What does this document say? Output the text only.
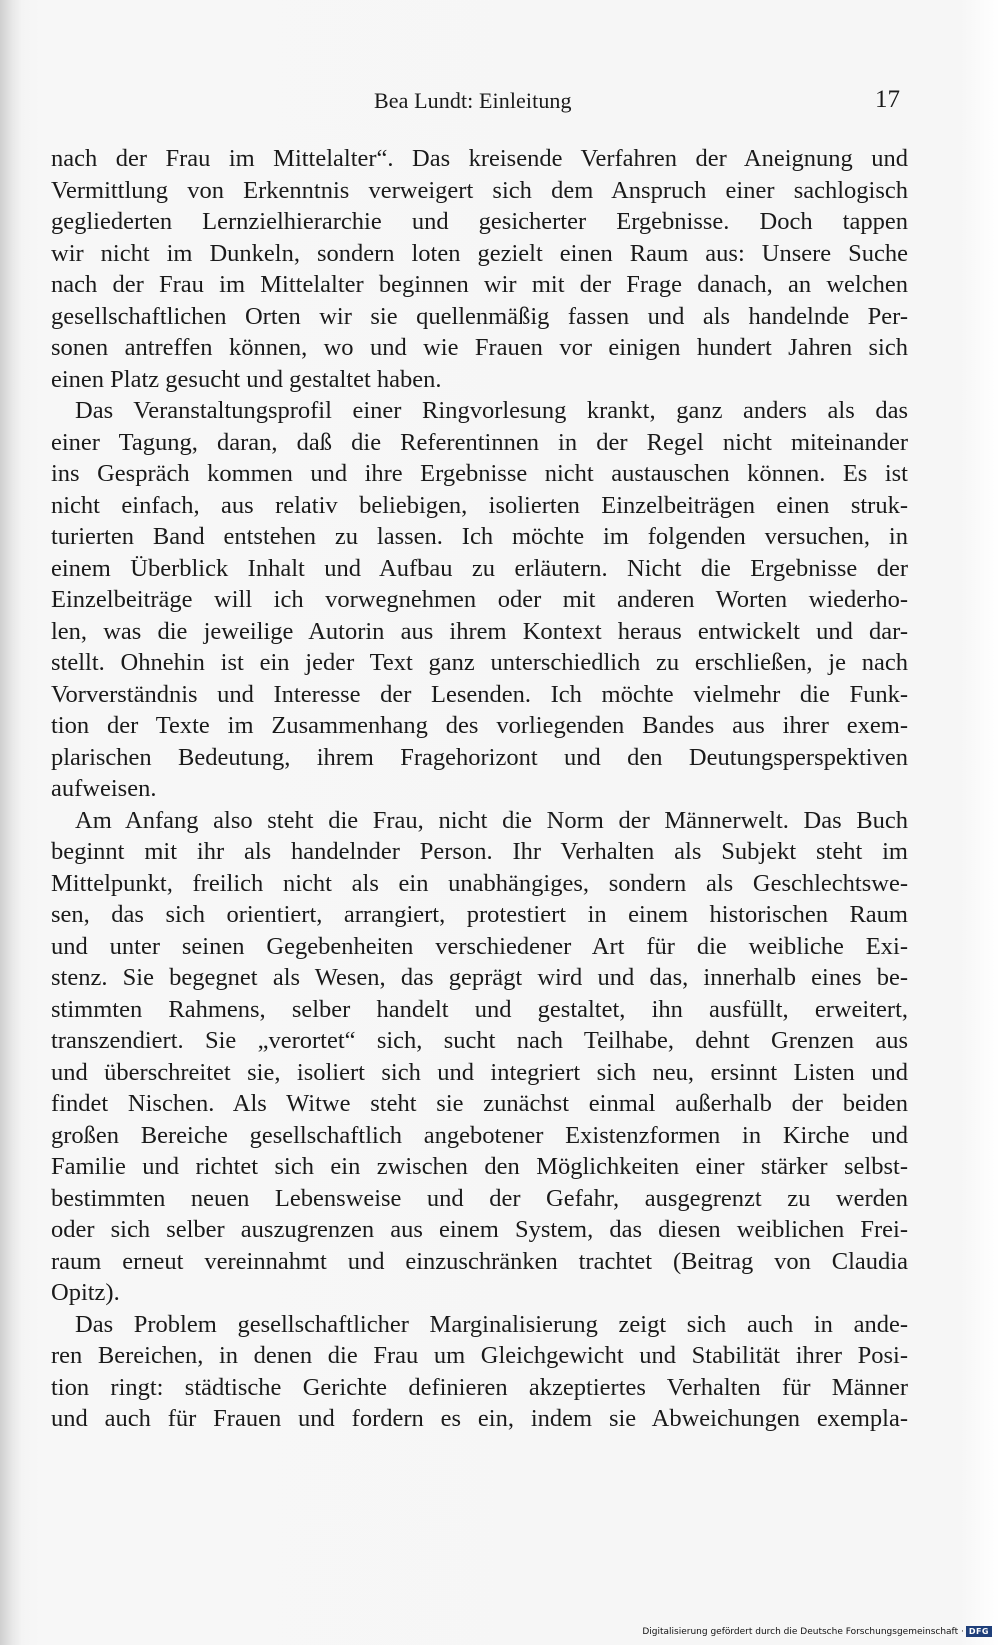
Bea Lundt: Einleitung	17
nach der Frau im Mittelalter“. Das kreisende Verfahren der Aneignung und
Vermittlung von Erkenntnis verweigert sich dem Anspruch einer sachlogisch
gegliederten Lernzielhierarchie und gesicherter Ergebnisse. Doch tappen
wir nicht im Dunkeln, sondern loten gezielt einen Raum aus: Unsere Suche
nach der Frau im Mittelalter beginnen wir mit der Frage danach, an welchen
gesellschaftlichen Orten wir sie quellenmäßig fassen und als handelnde Per-
sonen antreffen können, wo und wie Frauen vor einigen hundert Jahren sich
einen Platz gesucht und gestaltet haben.
Das Veranstaltungsprofil einer Ringvorlesung krankt, ganz anders als das
einer Tagung, daran, daß die Referentinnen in der Regel nicht miteinander
ins Gespräch kommen und ihre Ergebnisse nicht austauschen können. Es ist
nicht einfach, aus relativ beliebigen, isolierten Einzelbeiträgen einen struk-
turierten Band entstehen zu lassen. Ich möchte im folgenden versuchen, in
einem Überblick Inhalt und Aufbau zu erläutern. Nicht die Ergebnisse der
Einzelbeiträge will ich vorwegnehmen oder mit anderen Worten wiederho-
len, was die jeweilige Autorin aus ihrem Kontext heraus entwickelt und dar-
stellt. Ohnehin ist ein jeder Text ganz unterschiedlich zu erschließen, je nach
Vorverständnis und Interesse der Lesenden. Ich möchte vielmehr die Funk-
tion der Texte im Zusammenhang des vorliegenden Bandes aus ihrer exem-
plarischen Bedeutung, ihrem Fragehorizont und den Deutungsperspektiven
aufweisen.
Am Anfang also steht die Frau, nicht die Norm der Männerwelt. Das Buch
beginnt mit ihr als handelnder Person. Ihr Verhalten als Subjekt steht im
Mittelpunkt, freilich nicht als ein unabhängiges, sondern als Geschlechtswe-
sen, das sich orientiert, arrangiert, protestiert in einem historischen Raum
und unter seinen Gegebenheiten verschiedener Art für die weibliche Exi-
stenz. Sie begegnet als Wesen, das geprägt wird und das, innerhalb eines be-
stimmten Rahmens, selber handelt und gestaltet, ihn ausfüllt, erweitert,
transzendiert. Sie „verortet“ sich, sucht nach Teilhabe, dehnt Grenzen aus
und überschreitet sie, isoliert sich und integriert sich neu, ersinnt Listen und
findet Nischen. Als Witwe steht sie zunächst einmal außerhalb der beiden
großen Bereiche gesellschaftlich angebotener Existenzformen in Kirche und
Familie und richtet sich ein zwischen den Möglichkeiten einer stärker selbst-
bestimmten neuen Lebensweise und der Gefahr, ausgegrenzt zu werden
oder sich selber auszugrenzen aus einem System, das diesen weiblichen Frei-
raum erneut vereinnahmt und einzuschränken trachtet (Beitrag von Claudia
Opitz).
Das Problem gesellschaftlicher Marginalisierung zeigt sich auch in ande-
ren Bereichen, in denen die Frau um Gleichgewicht und Stabilität ihrer Posi-
tion ringt: städtische Gerichte definieren akzeptiertes Verhalten für Männer
und auch für Frauen und fordern es ein, indem sie Abweichungen exempla-
Digitalisierung gefördert durch die Deutsche Forschungsgemeinschaft · DFG
